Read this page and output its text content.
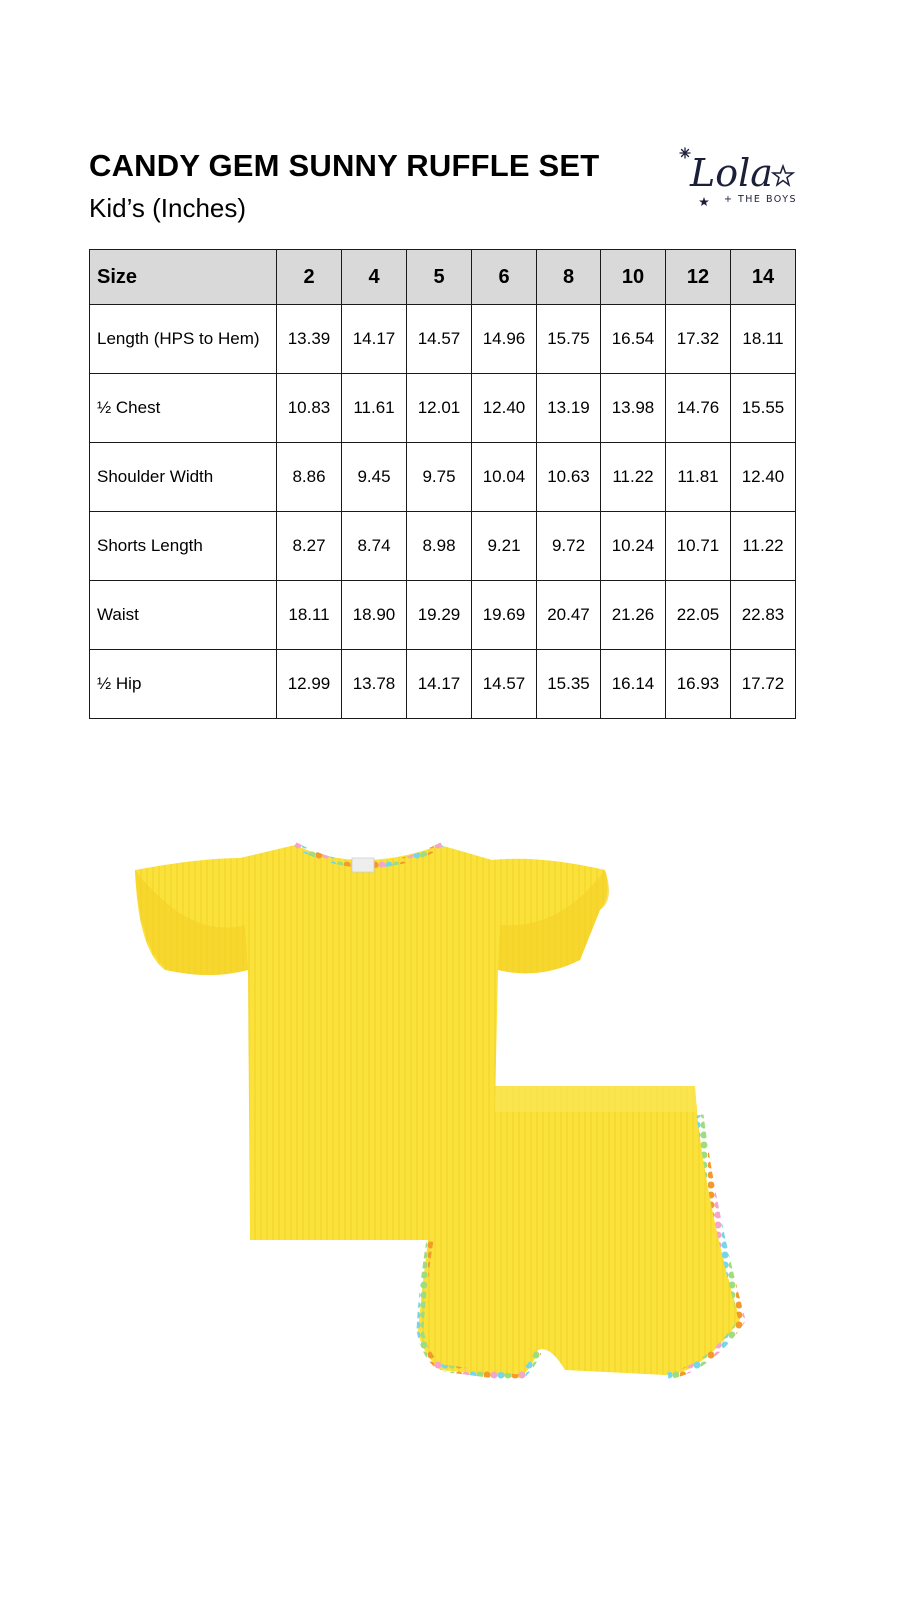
CANDY GEM SUNNY RUFFLE SET
Kid’s (Inches)
Lola
+ THE BOYS
Size	2	4	5	6	8	10	12	14
Length (HPS to Hem)	13.39	14.17	14.57	14.96	15.75	16.54	17.32	18.11
½ Chest	10.83	11.61	12.01	12.40	13.19	13.98	14.76	15.55
Shoulder Width	8.86	9.45	9.75	10.04	10.63	11.22	11.81	12.40
Shorts Length	8.27	8.74	8.98	9.21	9.72	10.24	10.71	11.22
Waist	18.11	18.90	19.29	19.69	20.47	21.26	22.05	22.83
½ Hip	12.99	13.78	14.17	14.57	15.35	16.14	16.93	17.72
